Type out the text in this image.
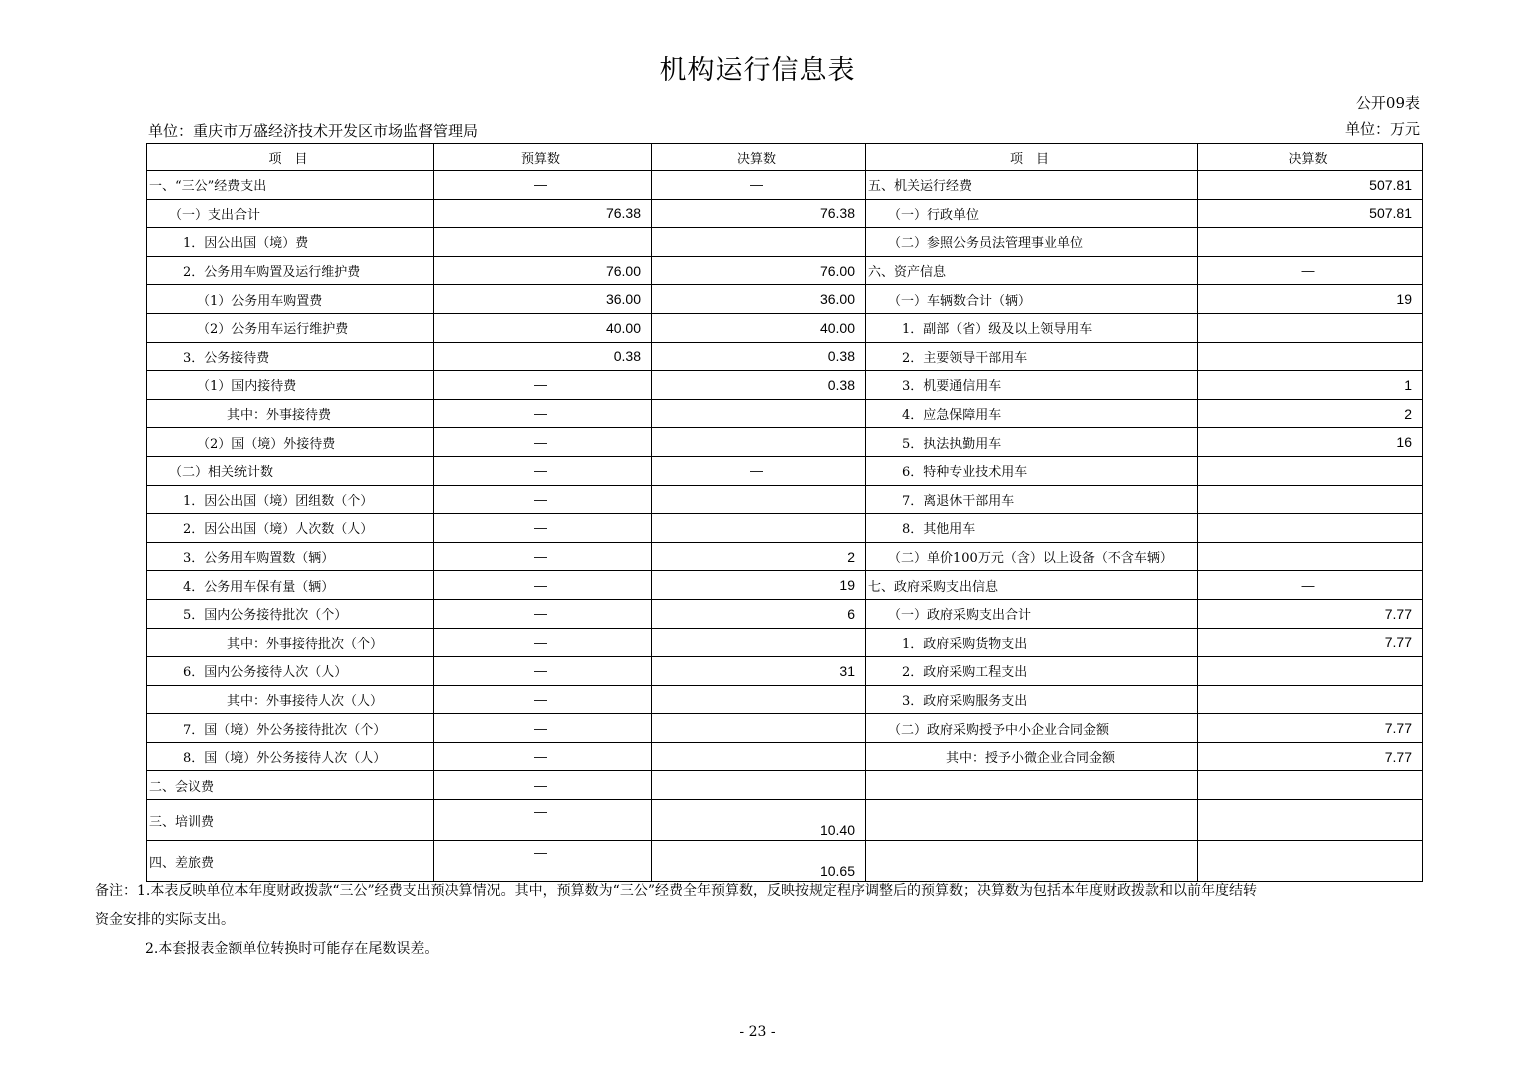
机构运行信息表
公开09表
单位：重庆市万盛经济技术开发区市场监督管理局	单位：万元
项　目	预算数	决算数	项　目	决算数
一、“三公”经费支出	—	—	五、机关运行经费	507.81
（一）支出合计	76.38	76.38	（一）行政单位	507.81
1．因公出国（境）费			（二）参照公务员法管理事业单位	
2．公务用车购置及运行维护费	76.00	76.00	六、资产信息	—
（1）公务用车购置费	36.00	36.00	（一）车辆数合计（辆）	19
（2）公务用车运行维护费	40.00	40.00	1．副部（省）级及以上领导用车	
3．公务接待费	0.38	0.38	2．主要领导干部用车	
（1）国内接待费	—	0.38	3．机要通信用车	1
其中：外事接待费	—		4．应急保障用车	2
（2）国（境）外接待费	—		5．执法执勤用车	16
（二）相关统计数	—	—	6．特种专业技术用车	
1．因公出国（境）团组数（个）	—		7．离退休干部用车	
2．因公出国（境）人次数（人）	—		8．其他用车	
3．公务用车购置数（辆）	—	2	（二）单价100万元（含）以上设备（不含车辆）	
4．公务用车保有量（辆）	—	19	七、政府采购支出信息	—
5．国内公务接待批次（个）	—	6	（一）政府采购支出合计	7.77
其中：外事接待批次（个）	—		1．政府采购货物支出	7.77
6．国内公务接待人次（人）	—	31	2．政府采购工程支出	
其中：外事接待人次（人）	—		3．政府采购服务支出	
7．国（境）外公务接待批次（个）	—		（二）政府采购授予中小企业合同金额	7.77
8．国（境）外公务接待人次（人）	—		其中：授予小微企业合同金额	7.77
二、会议费	—			
三、培训费	—	10.40		
四、差旅费	—	10.65		
备注：1.本表反映单位本年度财政拨款“三公”经费支出预决算情况。其中，预算数为“三公”经费全年预算数，反映按规定程序调整后的预算数；决算数为包括本年度财政拨款和以前年度结转
资金安排的实际支出。
2.本套报表金额单位转换时可能存在尾数误差。
- 23 -
